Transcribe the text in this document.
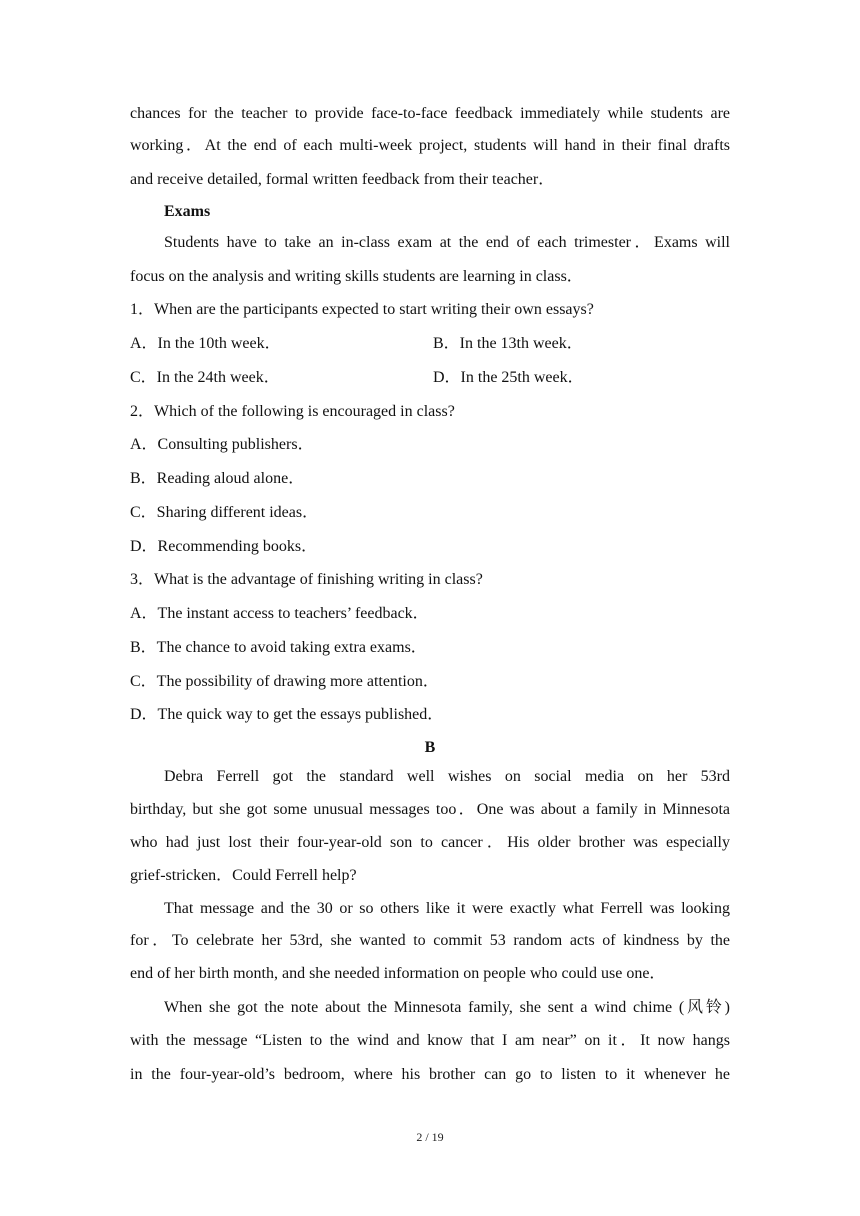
chances for the teacher to provide face-to-face feedback immediately while students are
working．At the end of each multi-week project, students will hand in their final drafts
and receive detailed, formal written feedback from their teacher．
Exams
Students have to take an in-class exam at the end of each trimester．Exams will
focus on the analysis and writing skills students are learning in class．
1．When are the participants expected to start writing their own essays?
A．In the 10th week．	B．In the 13th week．
C．In the 24th week．	D．In the 25th week．
2．Which of the following is encouraged in class?
A．Consulting publishers．
B．Reading aloud alone．
C．Sharing different ideas．
D．Recommending books．
3．What is the advantage of finishing writing in class?
A．The instant access to teachers’ feedback．
B．The chance to avoid taking extra exams．
C．The possibility of drawing more attention．
D．The quick way to get the essays published．
B
Debra Ferrell got the standard well wishes on social media on her 53rd
birthday, but she got some unusual messages too．One was about a family in Minnesota
who had just lost their four-year-old son to cancer．His older brother was especially
grief-stricken．Could Ferrell help?
That message and the 30 or so others like it were exactly what Ferrell was looking
for．To celebrate her 53rd, she wanted to commit 53 random acts of kindness by the
end of her birth month, and she needed information on people who could use one．
When she got the note about the Minnesota family, she sent a wind chime (风铃)
with the message “Listen to the wind and know that I am near” on it．It now hangs
in the four-year-old’s bedroom, where his brother can go to listen to it whenever he
2 / 19
